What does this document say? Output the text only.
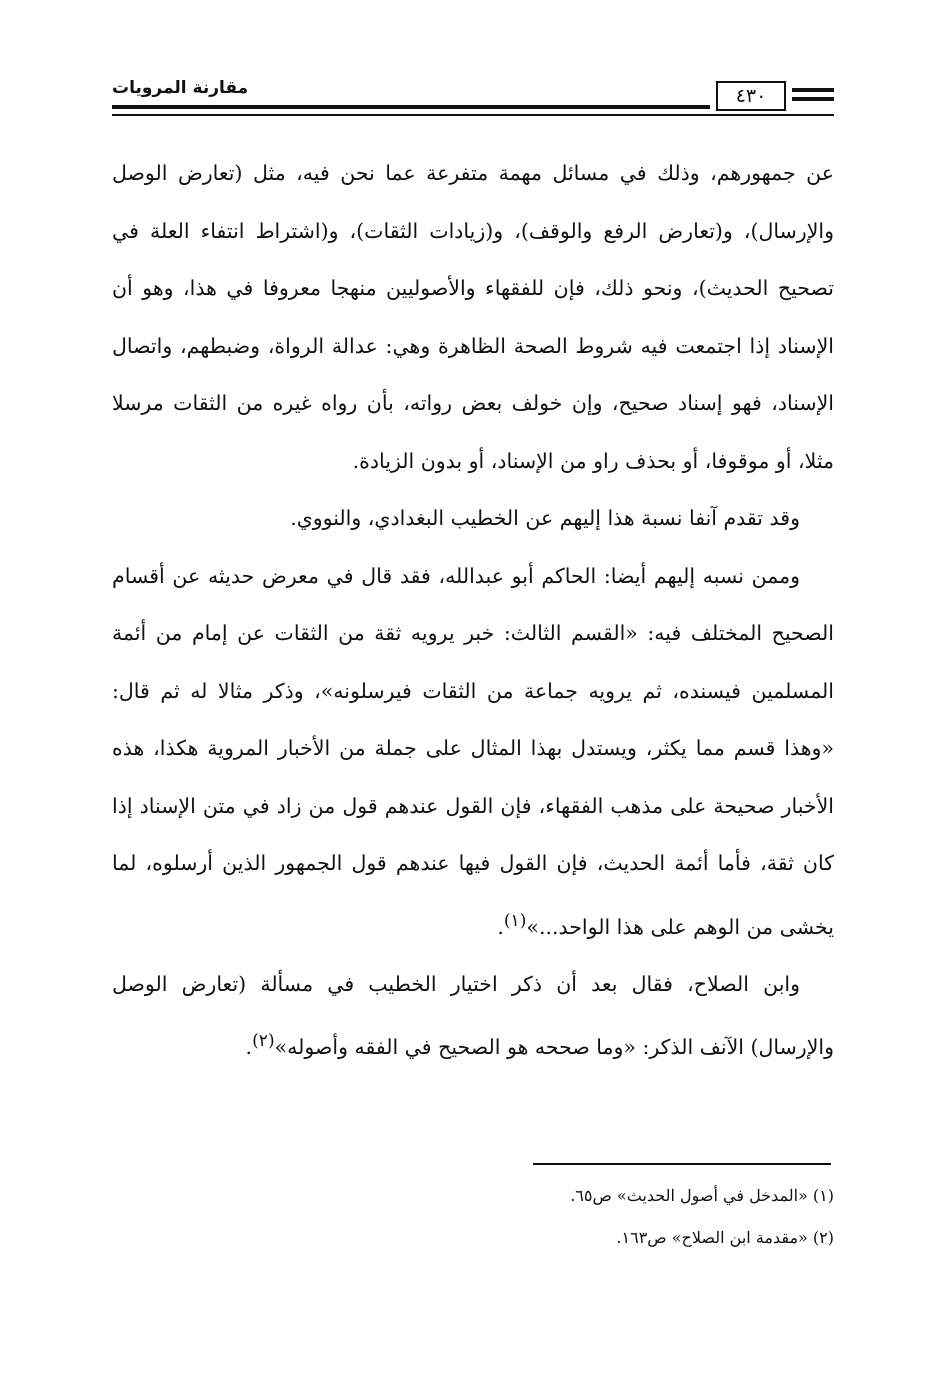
مقارنة المرويات	٤٣٠

عن جمهورهم، وذلك في مسائل مهمة متفرعة عما نحن فيه، مثل (تعارض الوصل والإرسال)، و(تعارض الرفع والوقف)، و(زيادات الثقات)، و(اشتراط انتفاء العلة في تصحيح الحديث)، ونحو ذلك، فإن للفقهاء والأصوليين منهجا معروفا في هذا، وهو أن الإسناد إذا اجتمعت فيه شروط الصحة الظاهرة وهي: عدالة الرواة، وضبطهم، واتصال الإسناد، فهو إسناد صحيح، وإن خولف بعض رواته، بأن رواه غيره من الثقات مرسلا مثلا، أو موقوفا، أو بحذف راو من الإسناد، أو بدون الزيادة.

وقد تقدم آنفا نسبة هذا إليهم عن الخطيب البغدادي، والنووي.

وممن نسبه إليهم أيضا: الحاكم أبو عبدالله، فقد قال في معرض حديثه عن أقسام الصحيح المختلف فيه: «القسم الثالث: خبر يرويه ثقة من الثقات عن إمام من أئمة المسلمين فيسنده، ثم يرويه جماعة من الثقات فيرسلونه»، وذكر مثالا له ثم قال: «وهذا قسم مما يكثر، ويستدل بهذا المثال على جملة من الأخبار المروية هكذا، هذه الأخبار صحيحة على مذهب الفقهاء، فإن القول عندهم قول من زاد في متن الإسناد إذا كان ثقة، فأما أئمة الحديث، فإن القول فيها عندهم قول الجمهور الذين أرسلوه، لما يخشى من الوهم على هذا الواحد...»$^{(١)}$.

وابن الصلاح، فقال بعد أن ذكر اختيار الخطيب في مسألة (تعارض الوصل والإرسال) الآنف الذكر: «وما صححه هو الصحيح في الفقه وأصوله»$^{(٢)}$.

(١) «المدخل في أصول الحديث» ص٦٥.

(٢) «مقدمة ابن الصلاح» ص١٦٣.
